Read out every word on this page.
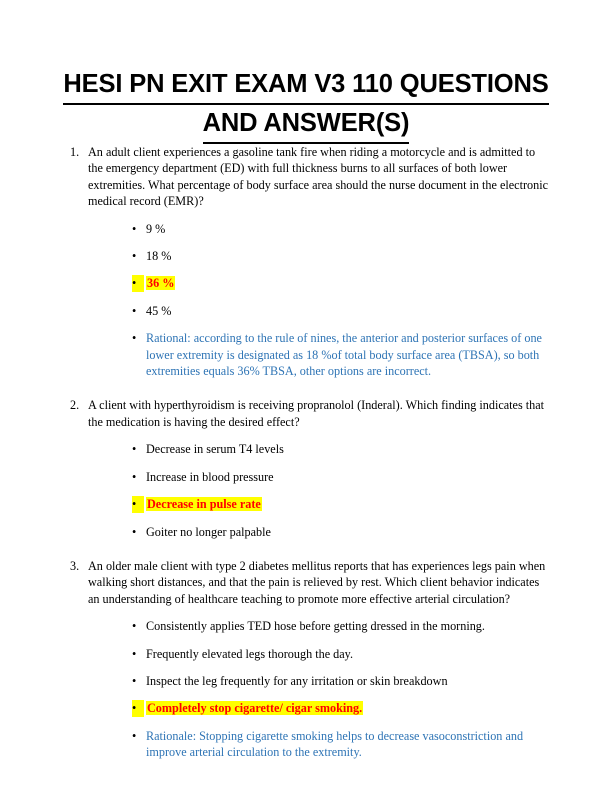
HESI PN EXIT EXAM V3 110 QUESTIONS
AND ANSWER(S)
1. An adult client experiences a gasoline tank fire when riding a motorcycle and is admitted to the emergency department (ED) with full thickness burns to all surfaces of both lower extremities. What percentage of body surface area should the nurse document in the electronic medical record (EMR)?
• 9 %
• 18 %
• 36 %
• 45 %
• Rational: according to the rule of nines, the anterior and posterior surfaces of one lower extremity is designated as 18 %of total body surface area (TBSA), so both extremities equals 36% TBSA, other options are incorrect.
2. A client with hyperthyroidism is receiving propranolol (Inderal). Which finding indicates that the medication is having the desired effect?
• Decrease in serum T4 levels
• Increase in blood pressure
• Decrease in pulse rate
• Goiter no longer palpable
3. An older male client with type 2 diabetes mellitus reports that has experiences legs pain when walking short distances, and that the pain is relieved by rest. Which client behavior indicates an understanding of healthcare teaching to promote more effective arterial circulation?
• Consistently applies TED hose before getting dressed in the morning.
• Frequently elevated legs thorough the day.
• Inspect the leg frequently for any irritation or skin breakdown
• Completely stop cigarette/ cigar smoking.
• Rationale: Stopping cigarette smoking helps to decrease vasoconstriction and improve arterial circulation to the extremity.
